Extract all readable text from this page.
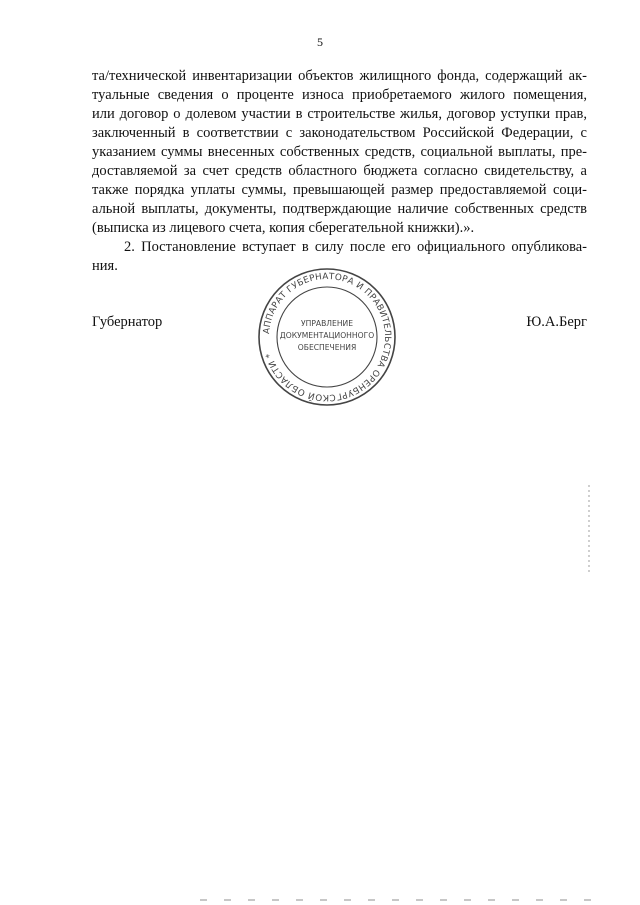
5
та/технической инвентаризации объектов жилищного фонда, содержащий ак-
туальные сведения о проценте износа приобретаемого жилого помещения,
или договор о долевом участии в строительстве жилья, договор уступки прав,
заключенный в соответствии с законодательством Российской Федерации, с
указанием суммы внесенных собственных средств, социальной выплаты, пре-
доставляемой за счет средств областного бюджета согласно свидетельству, а
также порядка уплаты суммы, превышающей размер предоставляемой соци-
альной выплаты, документы, подтверждающие наличие собственных средств
(выписка из лицевого счета, копия сберегательной книжки).».
2. Постановление вступает в силу после его официального опубликова-
ния.
Губернатор	Ю.А.Берг
АППАРАТ ГУБЕРНАТОРА И ПРАВИТЕЛЬСТВА ОРЕНБУРГСКОЙ ОБЛАСТИ *
УПРАВЛЕНИЕ
ДОКУМЕНТАЦИОННОГО
ОБЕСПЕЧЕНИЯ
